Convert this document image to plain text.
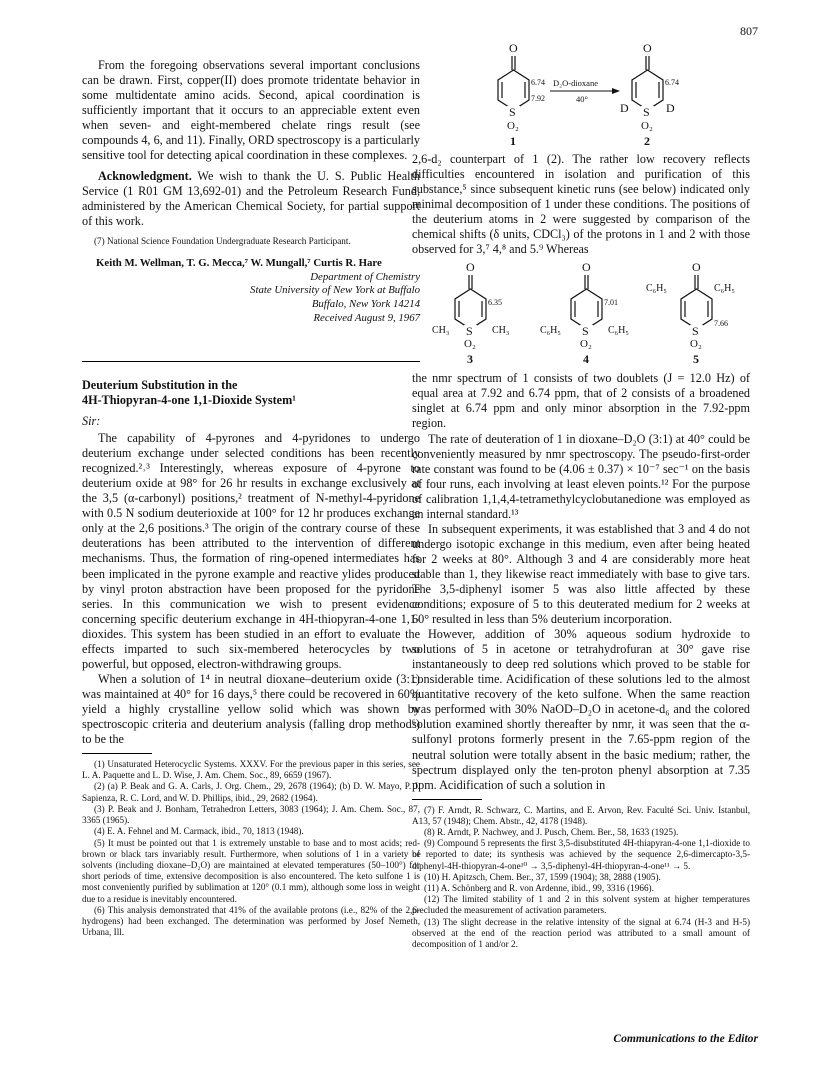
807

From the foregoing observations several important conclusions can be drawn. First, copper(II) does promote tridentate behavior in some multidentate amino acids. Second, apical coordination is sufficiently important that it occurs to an appreciable extent even when seven- and eight-membered chelate rings result (see compounds 4, 6, and 11). Finally, ORD spectroscopy is a particularly sensitive tool for detecting apical coordination in these complexes.

Acknowledgment. We wish to thank the U. S. Public Health Service (1 R01 GM 13,692-01) and the Petroleum Research Fund, administered by the American Chemical Society, for partial support of this work.

(7) National Science Foundation Undergraduate Research Participant.

Keith M. Wellman, T. G. Mecca,⁷ W. Mungall,⁷ Curtis R. Hare
Department of Chemistry
State University of New York at Buffalo
Buffalo, New York 14214
Received August 9, 1967
Deuterium Substitution in the
4H-Thiopyran-4-one 1,1-Dioxide System¹
Sir:

The capability of 4-pyrones and 4-pyridones to undergo deuterium exchange under selected conditions has been recently recognized.²˒³ Interestingly, whereas exposure of 4-pyrone to deuterium oxide at 98° for 26 hr results in exchange exclusively at the 3,5 (α-carbonyl) positions,² treatment of N-methyl-4-pyridone with 0.5 N sodium deuterioxide at 100° for 12 hr produces exchange only at the 2,6 positions.³ The origin of the contrary course of these deuterations has been attributed to the intervention of different mechanisms. Thus, the formation of ring-opened intermediates has been implicated in the pyrone example and reactive ylides produced by vinyl proton abstraction have been proposed for the pyridone series. In this communication we wish to present evidence concerning specific deuterium exchange in 4H-thiopyran-4-one 1,1-dioxides. This system has been studied in an effort to evaluate the effects imparted to such six-membered heterocycles by two powerful, but opposed, electron-withdrawing groups.

When a solution of 1⁴ in neutral dioxane–deuterium oxide (3:1) was maintained at 40° for 16 days,⁵ there could be recovered in 60% yield a highly crystalline yellow solid which was shown by spectroscopic criteria and deuterium analysis (falling drop method⁶) to be the

(1) Unsaturated Heterocyclic Systems. XXXV. For the previous paper in this series, see L. A. Paquette and L. D. Wise, J. Am. Chem. Soc., 89, 6659 (1967).

(2) (a) P. Beak and G. A. Carls, J. Org. Chem., 29, 2678 (1964); (b) D. W. Mayo, P. J. Sapienza, R. C. Lord, and W. D. Phillips, ibid., 29, 2682 (1964).

(3) P. Beak and J. Bonham, Tetrahedron Letters, 3083 (1964); J. Am. Chem. Soc., 87, 3365 (1965).

(4) E. A. Fehnel and M. Carmack, ibid., 70, 1813 (1948).

(5) It must be pointed out that 1 is extremely unstable to base and to most acids; red-brown or black tars invariably result. Furthermore, when solutions of 1 in a variety of solvents (including dioxane–D₂O) are maintained at elevated temperatures (50–100°) for short periods of time, extensive decomposition is also encountered. The keto sulfone 1 is most conveniently purified by sublimation at 120° (0.1 mm), although some loss in weight due to a residue is inevitably encountered.

(6) This analysis demonstrated that 41% of the available protons (i.e., 82% of the 2,6-hydrogens) had been exchanged. The determination was performed by Josef Nemeth, Urbana, Ill.

O
6.74
7.92
S
O₂
1
D₂O-dioxane
40°
O
6.74
D	D
S
O₂
2

2,6-d₂ counterpart of 1 (2). The rather low recovery reflects difficulties encountered in isolation and purification of this substance,⁵ since subsequent kinetic runs (see below) indicated only minimal decomposition of 1 under these conditions. The positions of the deuterium atoms in 2 were suggested by comparison of the chemical shifts (δ units, CDCl₃) of the protons in 1 and 2 with those observed for 3,⁷ 4,⁸ and 5.⁹ Whereas

O
6.35
CH₃	CH₃
S
O₂
3
O
7.01
C₆H₅	C₆H₅
S
O₂
4
O
C₆H₅	C₆H₅
7.66
S
O₂
5

the nmr spectrum of 1 consists of two doublets (J = 12.0 Hz) of equal area at 7.92 and 6.74 ppm, that of 2 consists of a broadened singlet at 6.74 ppm and only minor absorption in the 7.92-ppm region.

The rate of deuteration of 1 in dioxane–D₂O (3:1) at 40° could be conveniently measured by nmr spectroscopy. The pseudo-first-order rate constant was found to be (4.06 ± 0.37) × 10⁻⁷ sec⁻¹ on the basis of four runs, each involving at least eleven points.¹² For the purpose of calibration 1,1,4,4-tetramethylcyclobutanedione was employed as an internal standard.¹³

In subsequent experiments, it was established that 3 and 4 do not undergo isotopic exchange in this medium, even after being heated for 2 weeks at 80°. Although 3 and 4 are considerably more heat stable than 1, they likewise react immediately with base to give tars. The 3,5-diphenyl isomer 5 was also little affected by these conditions; exposure of 5 to this deuterated medium for 2 weeks at 60° resulted in less than 5% deuterium incorporation.

However, addition of 30% aqueous sodium hydroxide to solutions of 5 in acetone or tetrahydrofuran at 30° gave rise instantaneously to deep red solutions which proved to be stable for considerable time. Acidification of these solutions led to the almost quantitative recovery of the keto sulfone. When the same reaction was performed with 30% NaOD–D₂O in acetone-d₆ and the colored solution examined shortly thereafter by nmr, it was seen that the α-sulfonyl protons formerly present in the 7.65-ppm region of the neutral solution were totally absent in the basic medium; rather, the spectrum displayed only the ten-proton phenyl absorption at 7.35 ppm. Acidification of such a solution in

(7) F. Arndt, R. Schwarz, C. Martins, and E. Arvon, Rev. Faculté Sci. Univ. Istanbul, A13, 57 (1948); Chem. Abstr., 42, 4178 (1948).

(8) R. Arndt, P. Nachwey, and J. Pusch, Chem. Ber., 58, 1633 (1925).

(9) Compound 5 represents the first 3,5-disubstituted 4H-thiapyran-4-one 1,1-dioxide to be reported to date; its synthesis was achieved by the sequence 2,6-dimercapto-3,5-diphenyl-4H-thiopyran-4-one¹⁰ → 3,5-diphenyl-4H-thiopyran-4-one¹¹ → 5.

(10) H. Apitzsch, Chem. Ber., 37, 1599 (1904); 38, 2888 (1905).

(11) A. Schönberg and R. von Ardenne, ibid., 99, 3316 (1966).

(12) The limited stability of 1 and 2 in this solvent system at higher temperatures precluded the measurement of activation parameters.

(13) The slight decrease in the relative intensity of the signal at 6.74 (H-3 and H-5) observed at the end of the reaction period was attributed to a small amount of decomposition of 1 and/or 2.

Communications to the Editor
